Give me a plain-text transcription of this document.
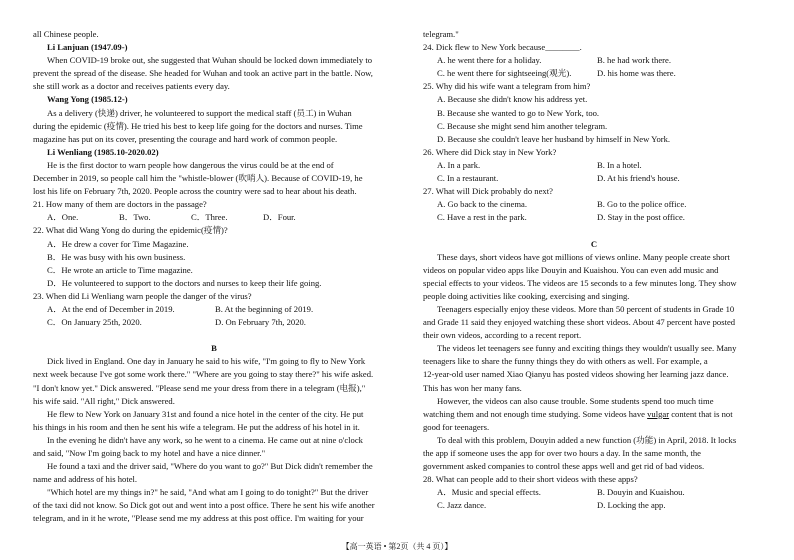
all Chinese people.
Li Lanjuan (1947.09-)
When COVID-19 broke out, she suggested that Wuhan should be locked down immediately to
prevent the spread of the disease. She headed for Wuhan and took an active part in the battle. Now,
she still work as a doctor and receives patients every day.
Wang Yong (1985.12-)
As a delivery (快递) driver, he volunteered to support the medical staff (员工) in Wuhan
during the epidemic (疫情). He tried his best to keep life going for the doctors and nurses. Time
magazine has put on its cover, presenting the courage and hard work of common people.
Li Wenliang (1985.10-2020.02)
He is the first doctor to warn people how dangerous the virus could be at the end of
December in 2019, so people call him the "whistle-blower (吹哨人). Because of COVID-19, he
lost his life on February 7th, 2020. People across the country were sad to hear about his death.
21. How many of them are doctors in the passage?
A．One.	B．Two.	C．Three.	D．Four.
22. What did Wang Yong do during the epidemic(疫情)?
A．He drew a cover for Time Magazine.
B．He was busy with his own business.
C．He wrote an article to Time magazine.
D．He volunteered to support to the doctors and nurses to keep their life going.
23. When did Li Wenliang warn people the danger of the virus?
A．At the end of December in 2019.	B. At the beginning of 2019.
C．On January 25th, 2020.	D. On February 7th, 2020.
B
Dick lived in England. One day in January he said to his wife, "I'm going to fly to New York
next week because I've got some work there." "Where are you going to stay there?" his wife asked.
"I don't know yet." Dick answered. "Please send me your dress from there in a telegram (电报),"
his wife said. "All right," Dick answered.
He flew to New York on January 31st and found a nice hotel in the center of the city. He put
his things in his room and then he sent his wife a telegram. He put the address of his hotel in it.
In the evening he didn't have any work, so he went to a cinema. He came out at nine o'clock
and said, "Now I'm going back to my hotel and have a nice dinner."
He found a taxi and the driver said, "Where do you want to go?" But Dick didn't remember the
name and address of his hotel.
"Which hotel are my things in?" he said, "And what am I going to do tonight?" But the driver
of the taxi did not know. So Dick got out and went into a post office. There he sent his wife another
telegram, and in it he wrote, "Please send me my address at this post office. I'm waiting for your
telegram."
24. Dick flew to New York because________.
A. he went there for a holiday.	B. he had work there.
C. he went there for sightseeing(观光).	D. his home was there.
25. Why did his wife want a telegram from him?
A. Because she didn't know his address yet.
B. Because she wanted to go to New York, too.
C. Because she might send him another telegram.
D. Because she couldn't leave her husband by himself in New York.
26. Where did Dick stay in New York?
A. In a park.	B. In a hotel.
C. In a restaurant.	D. At his friend's house.
27. What will Dick probably do next?
A. Go back to the cinema.	B. Go to the police office.
C. Have a rest in the park.	D. Stay in the post office.
C
These days, short videos have got millions of views online. Many people create short
videos on popular video apps like Douyin and Kuaishou. You can even add music and
special effects to your videos. The videos are 15 seconds to a few minutes long. They show
people doing activities like cooking, exercising and singing.
Teenagers especially enjoy these videos. More than 50 percent of students in Grade 10
and Grade 11 said they enjoyed watching these short videos. About 47 percent have posted
their own videos, according to a recent report.
The videos let teenagers see funny and exciting things they wouldn't usually see. Many
teenagers like to share the funny things they do with others as well. For example, a
12-year-old user named Xiao Qianyu has posted videos showing her learning jazz dance.
This has won her many fans.
However, the videos can also cause trouble. Some students spend too much time
watching them and not enough time studying. Some videos have vulgar content that is not
good for teenagers.
To deal with this problem, Douyin added a new function (功能) in April, 2018. It locks
the app if someone uses the app for over two hours a day. In the same month, the
government asked companies to control these apps well and get rid of bad videos.
28. What can people add to their short videos with these apps?
A．Music and special effects.	B. Douyin and Kuaishou.
C. Jazz dance.	D. Locking the app.
【高一英语 • 第2页（共 4 页）】
